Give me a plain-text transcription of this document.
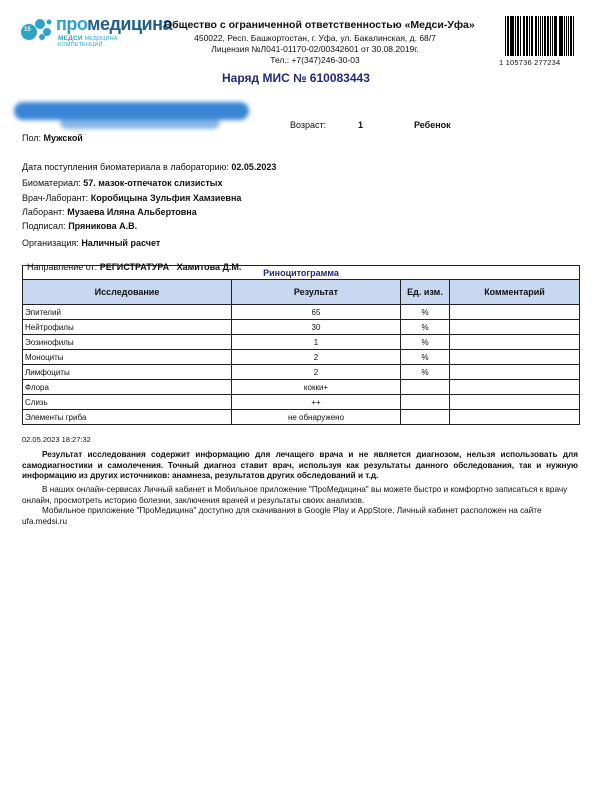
15 промедицина
МЕДСИ МЕДИЦИНА КОМПЕТЕНЦИЙ
Общество с ограниченной ответственностью «Медси-Уфа»
450022, Респ. Башкортостан, г. Уфа, ул. Бакалинская, д. 68/7
Лицензия №Л041-01170-02/00342601 от 30.08.2019г.
Тел.: +7(347)246-30-03	1 105736 277234
Наряд МИС № 610083443
Возраст:	1	Ребенок
Пол: Мужской
Дата поступления биоматериала в лабораторию: 02.05.2023
Биоматериал: 57. мазок-отпечаток слизистых
Врач-Лаборант: Коробицына Зульфия Хамзиевна
Лаборант: Музаева Иляна Альбертовна
Подписал: Пряникова А.В.
Организация: Наличный расчет

Направление от: РЕГИСТРАТУРА   Хамитова Д.М.

Риноцитограмма			
Исследование	Результат	Ед. изм.	Комментарий
Эпителий	65	%	
Нейтрофилы	30	%	
Эозинофилы	1	%	
Моноциты	2	%	
Лимфоциты	2	%	
Флора	кокки+		
Слизь	++		
Элементы гриба	не обнаружено		
02.05.2023 18:27:32
Результат исследования содержит информацию для лечащего врача и не является диагнозом, нельзя использовать для самодиагностики и самолечения. Точный диагноз ставит врач, используя как результаты данного обследования, так и нужную информацию из других источников: анамнеза, результатов других обследований и т.д.
В наших онлайн-сервисах Личный кабинет и Мобильное приложение "ПроМедицина" вы можете быстро и комфортно записаться к врачу онлайн, просмотреть историю болезни, заключения врачей и результаты своих анализов.
Мобильное приложение "ПроМедицина" доступно для скачивания в Google Play и AppStore, Личный кабинет расположен на сайте ufa.medsi.ru
